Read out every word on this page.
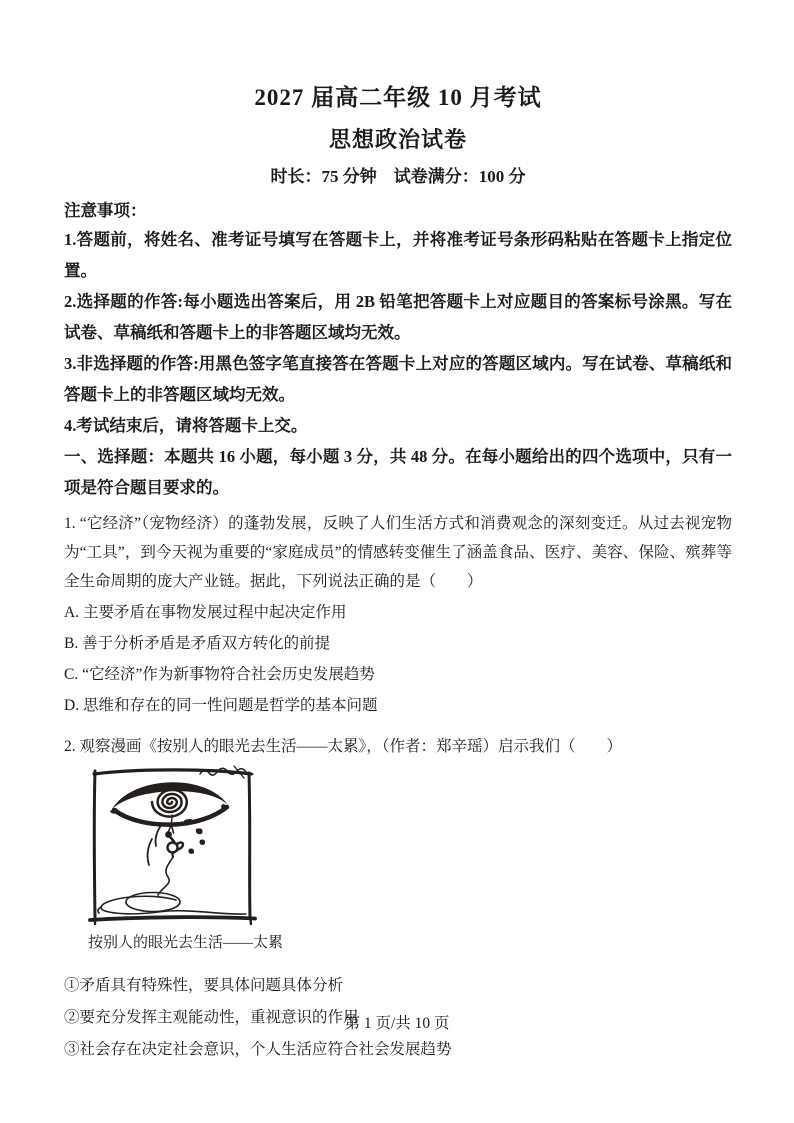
2027 届高二年级 10 月考试
思想政治试卷
时长：75 分钟　试卷满分：100 分
注意事项：

1.答题前，将姓名、准考证号填写在答题卡上，并将准考证号条形码粘贴在答题卡上指定位置。

2.选择题的作答:每小题选出答案后，用 2B 铅笔把答题卡上对应题目的答案标号涂黑。写在试卷、草稿纸和答题卡上的非答题区域均无效。

3.非选择题的作答:用黑色签字笔直接答在答题卡上对应的答题区域内。写在试卷、草稿纸和答题卡上的非答题区域均无效。

4.考试结束后，请将答题卡上交。

一、选择题：本题共 16 小题，每小题 3 分，共 48 分。在每小题给出的四个选项中，只有一项是符合题目要求的。

1. “它经济”（宠物经济）的蓬勃发展，反映了人们生活方式和消费观念的深刻变迁。从过去视宠物为“工具”，到今天视为重要的“家庭成员”的情感转变催生了涵盖食品、医疗、美容、保险、殡葬等全生命周期的庞大产业链。据此，下列说法正确的是（　　）

A. 主要矛盾在事物发展过程中起决定作用
B. 善于分析矛盾是矛盾双方转化的前提
C. “它经济”作为新事物符合社会历史发展趋势
D. 思维和存在的同一性问题是哲学的基本问题

2. 观察漫画《按别人的眼光去生活——太累》，（作者：郑辛瑶）启示我们（　　）

按别人的眼光去生活——太累
①矛盾具有特殊性，要具体问题具体分析
②要充分发挥主观能动性，重视意识的作用
③社会存在决定社会意识，个人生活应符合社会发展趋势
第 1 页/共 10 页
